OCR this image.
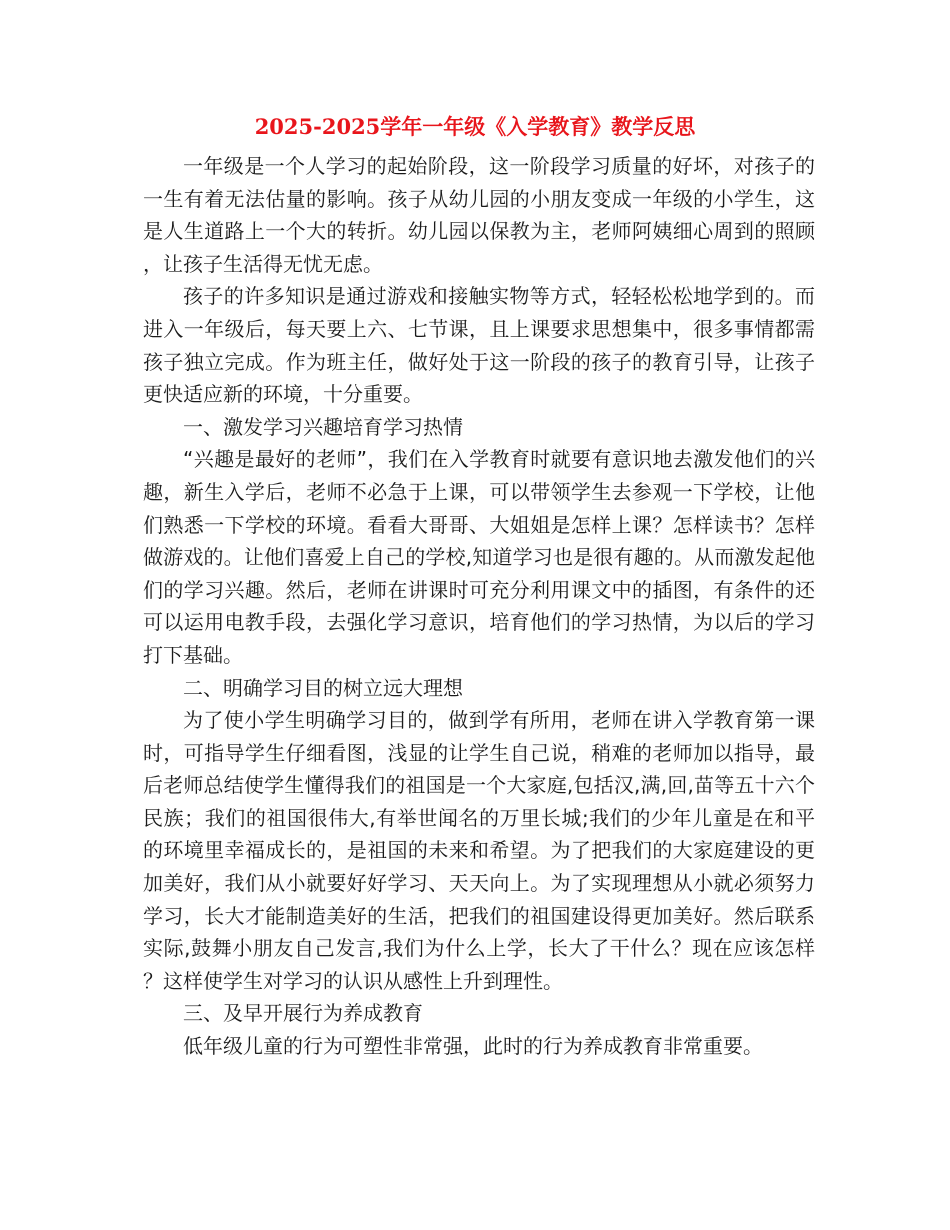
2025-2025学年一年级《入学教育》教学反思

一年级是一个人学习的起始阶段，这一阶段学习质量的好坏，对孩子的一生有着无法估量的影响。孩子从幼儿园的小朋友变成一年级的小学生，这是人生道路上一个大的转折。幼儿园以保教为主，老师阿姨细心周到的照顾，让孩子生活得无忧无虑。

孩子的许多知识是通过游戏和接触实物等方式，轻轻松松地学到的。而进入一年级后，每天要上六、七节课，且上课要求思想集中，很多事情都需孩子独立完成。作为班主任，做好处于这一阶段的孩子的教育引导，让孩子更快适应新的环境，十分重要。

一、激发学习兴趣培育学习热情

“兴趣是最好的老师”，我们在入学教育时就要有意识地去激发他们的兴趣，新生入学后，老师不必急于上课，可以带领学生去参观一下学校，让他们熟悉一下学校的环境。看看大哥哥、大姐姐是怎样上课？怎样读书？怎样做游戏的。让他们喜爱上自己的学校,知道学习也是很有趣的。从而激发起他们的学习兴趣。然后，老师在讲课时可充分利用课文中的插图，有条件的还可以运用电教手段，去强化学习意识，培育他们的学习热情，为以后的学习打下基础。

二、明确学习目的树立远大理想

为了使小学生明确学习目的，做到学有所用，老师在讲入学教育第一课时，可指导学生仔细看图，浅显的让学生自己说，稍难的老师加以指导，最后老师总结使学生懂得我们的祖国是一个大家庭,包括汉,满,回,苗等五十六个民族；我们的祖国很伟大,有举世闻名的万里长城;我们的少年儿童是在和平的环境里幸福成长的，是祖国的未来和希望。为了把我们的大家庭建设的更加美好，我们从小就要好好学习、天天向上。为了实现理想从小就必须努力学习，长大才能制造美好的生活，把我们的祖国建设得更加美好。然后联系实际,鼓舞小朋友自己发言,我们为什么上学，长大了干什么？现在应该怎样？这样使学生对学习的认识从感性上升到理性。

三、及早开展行为养成教育

低年级儿童的行为可塑性非常强，此时的行为养成教育非常重要。
